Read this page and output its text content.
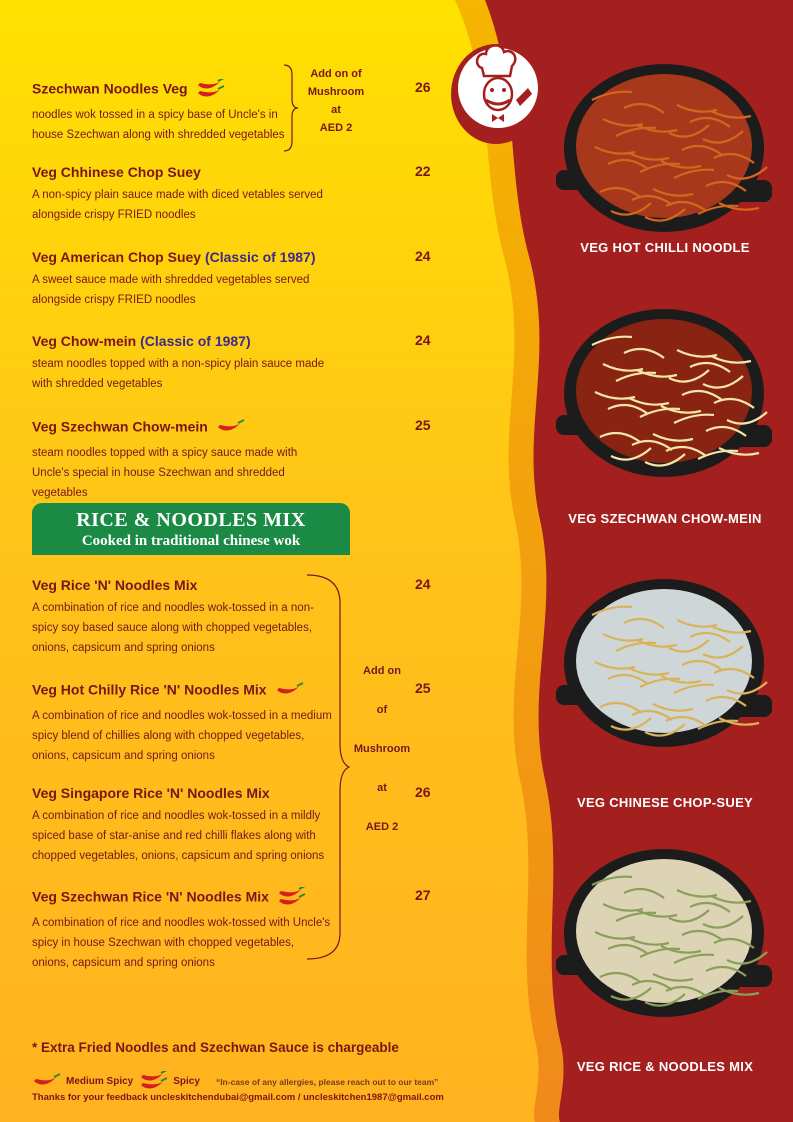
Szechwan Noodles Veg	26
noodles wok tossed in a spicy base of Uncle's in house Szechwan along with shredded vegetables
Veg Chhinese Chop Suey	22
A non-spicy plain sauce made with diced vetables served alongside crispy FRIED noodles
Veg American Chop Suey (Classic of 1987)	24
A sweet sauce made with shredded vegetables served alongside crispy FRIED noodles
Veg Chow-mein (Classic of 1987)	24
steam noodles topped with a non-spicy plain sauce made with shredded vegetables
Veg Szechwan Chow-mein	25
steam noodles topped with a spicy sauce made with Uncle's special in house Szechwan and shredded vegetables
Add on of
Mushroom
at
AED 2
RICE & NOODLES MIX
Cooked in traditional chinese wok
Veg Rice 'N' Noodles Mix	24
A combination of rice and noodles wok-tossed in a non-spicy soy based sauce along with chopped vegetables, onions, capsicum and spring onions
Veg Hot Chilly Rice 'N' Noodles Mix	25
A combination of rice and noodles wok-tossed in a medium spicy blend of chillies along with chopped vegetables, onions, capsicum and spring onions
Veg Singapore Rice 'N' Noodles Mix	26
A combination of rice and noodles wok-tossed in a mildly spiced base of star-anise and red chilli flakes along with chopped vegetables, onions, capsicum and spring onions
Veg Szechwan Rice 'N' Noodles Mix	27
A combination of rice and noodles wok-tossed with Uncle's spicy in house Szechwan with chopped vegetables, onions, capsicum and spring onions
Add on
of
Mushroom
at
AED 2
VEG HOT CHILLI NOODLE
VEG SZECHWAN CHOW-MEIN
VEG CHINESE CHOP-SUEY
VEG RICE & NOODLES MIX
* Extra Fried Noodles and Szechwan Sauce is chargeable
Medium Spicy	Spicy “In-case of any allergies, please reach out to our team”
Thanks for your feedback uncleskitchendubai@gmail.com / uncleskitchen1987@gmail.com
